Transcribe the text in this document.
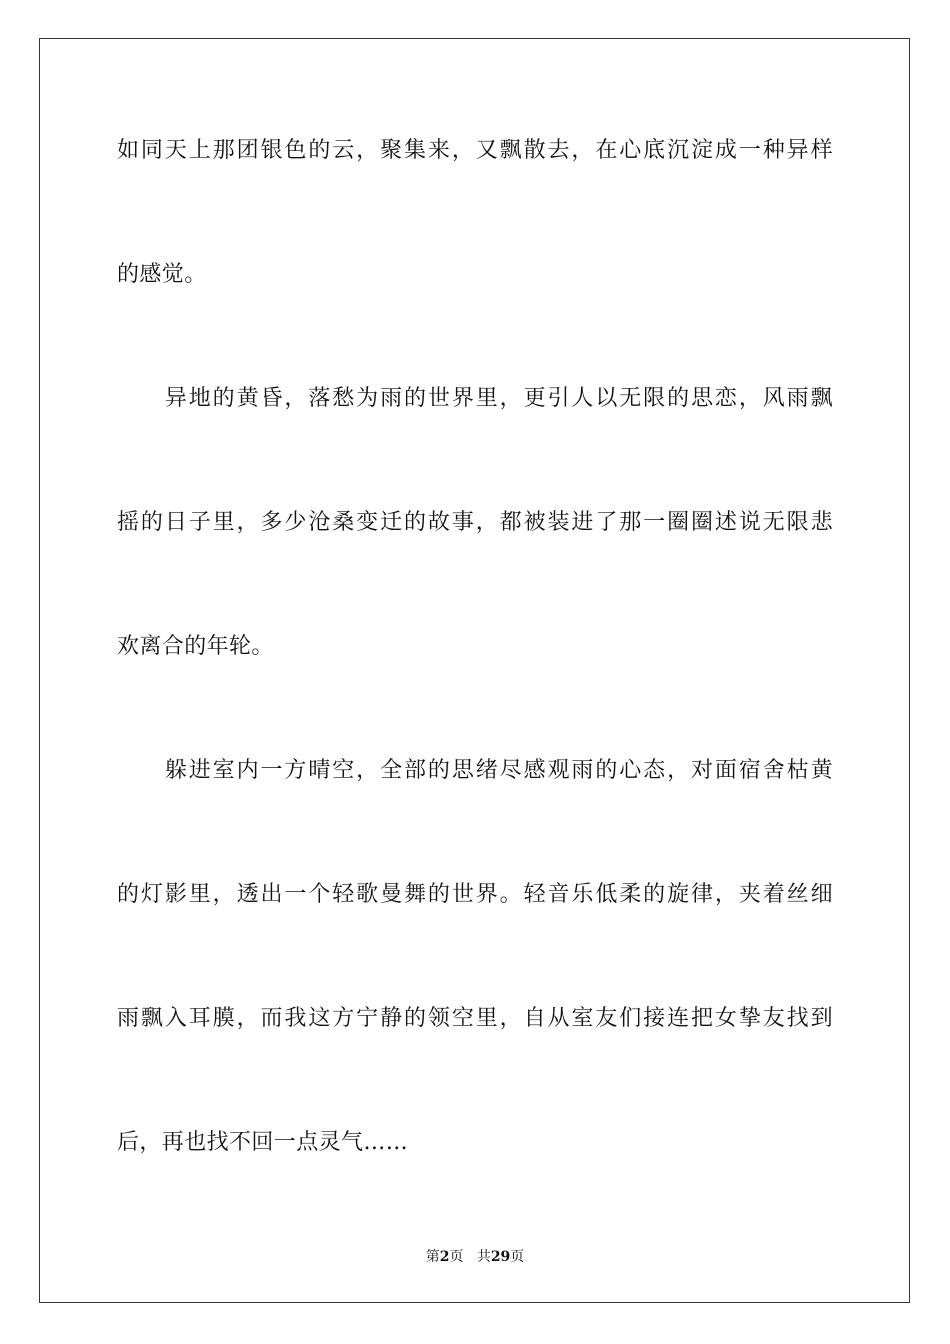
如同天上那团银色的云，聚集来，又飘散去，在心底沉淀成一种异样
的感觉。
　　异地的黄昏，落愁为雨的世界里，更引人以无限的思恋，风雨飘
摇的日子里，多少沧桑变迁的故事，都被装进了那一圈圈述说无限悲
欢离合的年轮。
　　躲进室内一方晴空，全部的思绪尽感观雨的心态，对面宿舍枯黄
的灯影里，透出一个轻歌曼舞的世界。轻音乐低柔的旋律，夹着丝细
雨飘入耳膜，而我这方宁静的领空里，自从室友们接连把女挚友找到
后，再也找不回一点灵气……
第2页 共29页
